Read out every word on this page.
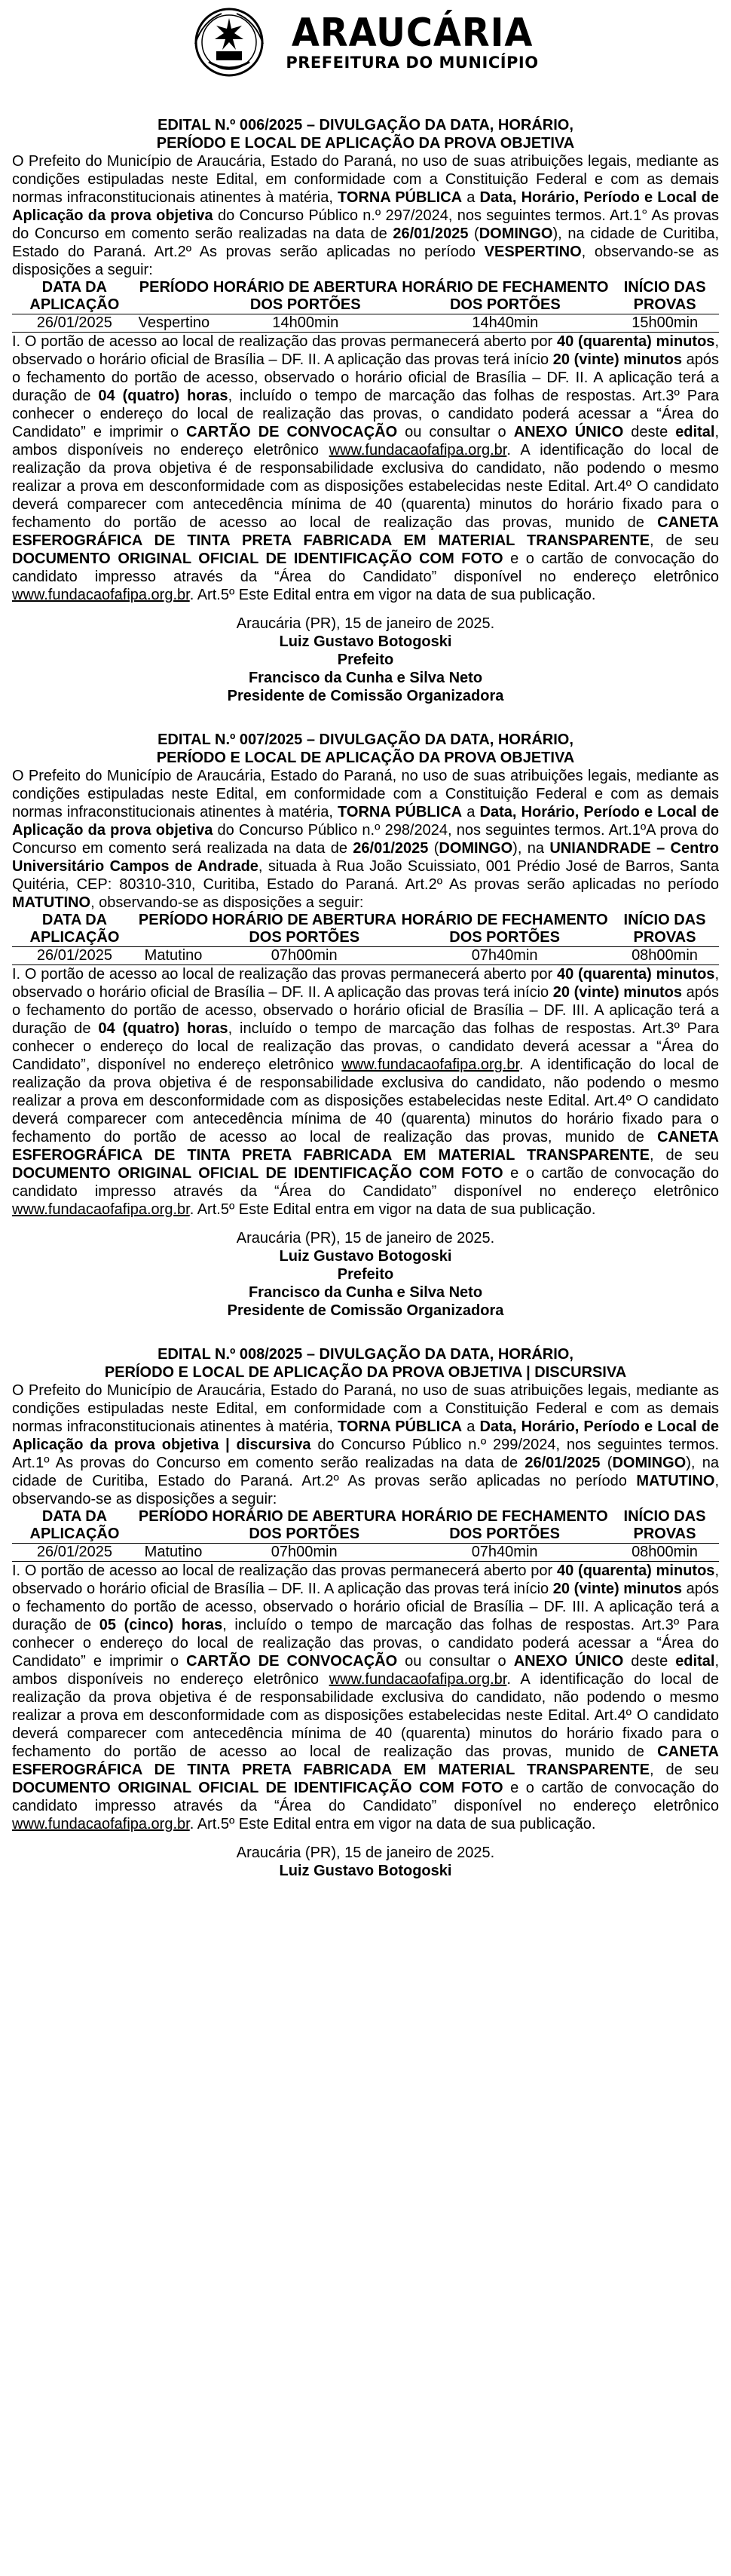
ARAUCÁRIA
PREFEITURA DO MUNICÍPIO
EDITAL N.º 006/2025 – DIVULGAÇÃO DA DATA, HORÁRIO,
PERÍODO E LOCAL DE APLICAÇÃO DA PROVA OBJETIVA
O Prefeito do Município de Araucária, Estado do Paraná, no uso de suas atribuições legais, mediante as condições estipuladas neste Edital, em conformidade com a Constituição Federal e com as demais normas infraconstitucionais atinentes à matéria, TORNA PÚBLICA a Data, Horário, Período e Local de Aplicação da prova objetiva do Concurso Público n.º 297/2024, nos seguintes termos. Art.1° As provas do Concurso em comento serão realizadas na data de 26/01/2025 (DOMINGO), na cidade de Curitiba, Estado do Paraná. Art.2º As provas serão aplicadas no período VESPERTINO, observando-se as disposições a seguir:
DATA DA APLICAÇÃO	PERÍODO	HORÁRIO DE ABERTURA DOS PORTÕES	HORÁRIO DE FECHAMENTO DOS PORTÕES	INÍCIO DAS PROVAS
26/01/2025	Vespertino	14h00min	14h40min	15h00min
I. O portão de acesso ao local de realização das provas permanecerá aberto por 40 (quarenta) minutos, observado o horário oficial de Brasília – DF. II. A aplicação das provas terá início 20 (vinte) minutos após o fechamento do portão de acesso, observado o horário oficial de Brasília – DF. II. A aplicação terá a duração de 04 (quatro) horas, incluído o tempo de marcação das folhas de respostas. Art.3º Para conhecer o endereço do local de realização das provas, o candidato poderá acessar a “Área do Candidato” e imprimir o CARTÃO DE CONVOCAÇÃO ou consultar o ANEXO ÚNICO deste edital, ambos disponíveis no endereço eletrônico www.fundacaofafipa.org.br. A identificação do local de realização da prova objetiva é de responsabilidade exclusiva do candidato, não podendo o mesmo realizar a prova em desconformidade com as disposições estabelecidas neste Edital. Art.4º O candidato deverá comparecer com antecedência mínima de 40 (quarenta) minutos do horário fixado para o fechamento do portão de acesso ao local de realização das provas, munido de CANETA ESFEROGRÁFICA DE TINTA PRETA FABRICADA EM MATERIAL TRANSPARENTE, de seu DOCUMENTO ORIGINAL OFICIAL DE IDENTIFICAÇÃO COM FOTO e o cartão de convocação do candidato impresso através da “Área do Candidato” disponível no endereço eletrônico www.fundacaofafipa.org.br. Art.5º Este Edital entra em vigor na data de sua publicação.
Araucária (PR), 15 de janeiro de 2025.
Luiz Gustavo Botogoski
Prefeito
Francisco da Cunha e Silva Neto
Presidente de Comissão Organizadora
EDITAL N.º 007/2025 – DIVULGAÇÃO DA DATA, HORÁRIO,
PERÍODO E LOCAL DE APLICAÇÃO DA PROVA OBJETIVA
O Prefeito do Município de Araucária, Estado do Paraná, no uso de suas atribuições legais, mediante as condições estipuladas neste Edital, em conformidade com a Constituição Federal e com as demais normas infraconstitucionais atinentes à matéria, TORNA PÚBLICA a Data, Horário, Período e Local de Aplicação da prova objetiva do Concurso Público n.º 298/2024, nos seguintes termos. Art.1ºA prova do Concurso em comento será realizada na data de 26/01/2025 (DOMINGO), na UNIANDRADE – Centro Universitário Campos de Andrade, situada à Rua João Scuissiato, 001 Prédio José de Barros, Santa Quitéria, CEP: 80310-310, Curitiba, Estado do Paraná. Art.2º As provas serão aplicadas no período MATUTINO, observando-se as disposições a seguir:
DATA DA APLICAÇÃO	PERÍODO	HORÁRIO DE ABERTURA DOS PORTÕES	HORÁRIO DE FECHAMENTO DOS PORTÕES	INÍCIO DAS PROVAS
26/01/2025	Matutino	07h00min	07h40min	08h00min
I. O portão de acesso ao local de realização das provas permanecerá aberto por 40 (quarenta) minutos, observado o horário oficial de Brasília – DF. II. A aplicação das provas terá início 20 (vinte) minutos após o fechamento do portão de acesso, observado o horário oficial de Brasília – DF. III. A aplicação terá a duração de 04 (quatro) horas, incluído o tempo de marcação das folhas de respostas. Art.3º Para conhecer o endereço do local de realização das provas, o candidato deverá acessar a “Área do Candidato”, disponível no endereço eletrônico www.fundacaofafipa.org.br. A identificação do local de realização da prova objetiva é de responsabilidade exclusiva do candidato, não podendo o mesmo realizar a prova em desconformidade com as disposições estabelecidas neste Edital. Art.4º O candidato deverá comparecer com antecedência mínima de 40 (quarenta) minutos do horário fixado para o fechamento do portão de acesso ao local de realização das provas, munido de CANETA ESFEROGRÁFICA DE TINTA PRETA FABRICADA EM MATERIAL TRANSPARENTE, de seu DOCUMENTO ORIGINAL OFICIAL DE IDENTIFICAÇÃO COM FOTO e o cartão de convocação do candidato impresso através da “Área do Candidato” disponível no endereço eletrônico www.fundacaofafipa.org.br. Art.5º Este Edital entra em vigor na data de sua publicação.
Araucária (PR), 15 de janeiro de 2025.
Luiz Gustavo Botogoski
Prefeito
Francisco da Cunha e Silva Neto
Presidente de Comissão Organizadora
EDITAL N.º 008/2025 – DIVULGAÇÃO DA DATA, HORÁRIO,
PERÍODO E LOCAL DE APLICAÇÃO DA PROVA OBJETIVA | DISCURSIVA
O Prefeito do Município de Araucária, Estado do Paraná, no uso de suas atribuições legais, mediante as condições estipuladas neste Edital, em conformidade com a Constituição Federal e com as demais normas infraconstitucionais atinentes à matéria, TORNA PÚBLICA a Data, Horário, Período e Local de Aplicação da prova objetiva | discursiva do Concurso Público n.º 299/2024, nos seguintes termos. Art.1º As provas do Concurso em comento serão realizadas na data de 26/01/2025 (DOMINGO), na cidade de Curitiba, Estado do Paraná. Art.2º As provas serão aplicadas no período MATUTINO, observando-se as disposições a seguir:
DATA DA APLICAÇÃO	PERÍODO	HORÁRIO DE ABERTURA DOS PORTÕES	HORÁRIO DE FECHAMENTO DOS PORTÕES	INÍCIO DAS PROVAS
26/01/2025	Matutino	07h00min	07h40min	08h00min
I. O portão de acesso ao local de realização das provas permanecerá aberto por 40 (quarenta) minutos, observado o horário oficial de Brasília – DF. II. A aplicação das provas terá início 20 (vinte) minutos após o fechamento do portão de acesso, observado o horário oficial de Brasília – DF. III. A aplicação terá a duração de 05 (cinco) horas, incluído o tempo de marcação das folhas de respostas. Art.3º Para conhecer o endereço do local de realização das provas, o candidato poderá acessar a “Área do Candidato” e imprimir o CARTÃO DE CONVOCAÇÃO ou consultar o ANEXO ÚNICO deste edital, ambos disponíveis no endereço eletrônico www.fundacaofafipa.org.br. A identificação do local de realização da prova objetiva é de responsabilidade exclusiva do candidato, não podendo o mesmo realizar a prova em desconformidade com as disposições estabelecidas neste Edital. Art.4º O candidato deverá comparecer com antecedência mínima de 40 (quarenta) minutos do horário fixado para o fechamento do portão de acesso ao local de realização das provas, munido de CANETA ESFEROGRÁFICA DE TINTA PRETA FABRICADA EM MATERIAL TRANSPARENTE, de seu DOCUMENTO ORIGINAL OFICIAL DE IDENTIFICAÇÃO COM FOTO e o cartão de convocação do candidato impresso através da “Área do Candidato” disponível no endereço eletrônico www.fundacaofafipa.org.br. Art.5º Este Edital entra em vigor na data de sua publicação.
Araucária (PR), 15 de janeiro de 2025.
Luiz Gustavo Botogoski
